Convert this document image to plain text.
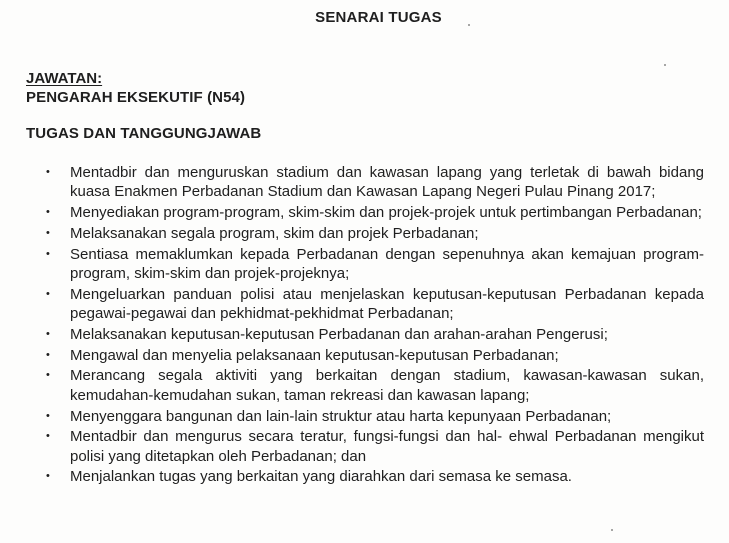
SENARAI TUGAS
JAWATAN:
PENGARAH EKSEKUTIF (N54)
TUGAS DAN TANGGUNGJAWAB
• Mentadbir dan menguruskan stadium dan kawasan lapang yang terletak di bawah bidang kuasa Enakmen Perbadanan Stadium dan Kawasan Lapang Negeri Pulau Pinang 2017;
• Menyediakan program-program, skim-skim dan projek-projek untuk pertimbangan Perbadanan;
• Melaksanakan segala program, skim dan projek Perbadanan;
• Sentiasa memaklumkan kepada Perbadanan dengan sepenuhnya akan kemajuan program-program, skim-skim dan projek-projeknya;
• Mengeluarkan panduan polisi atau menjelaskan keputusan-keputusan Perbadanan kepada pegawai-pegawai dan pekhidmat-pekhidmat Perbadanan;
• Melaksanakan keputusan-keputusan Perbadanan dan arahan-arahan Pengerusi;
• Mengawal dan menyelia pelaksanaan keputusan-keputusan Perbadanan;
• Merancang segala aktiviti yang berkaitan dengan stadium, kawasan-kawasan sukan, kemudahan-kemudahan sukan, taman rekreasi dan kawasan lapang;
• Menyenggara bangunan dan lain-lain struktur atau harta kepunyaan Perbadanan;
• Mentadbir dan mengurus secara teratur, fungsi-fungsi dan hal- ehwal Perbadanan mengikut polisi yang ditetapkan oleh Perbadanan; dan
• Menjalankan tugas yang berkaitan yang diarahkan dari semasa ke semasa.
